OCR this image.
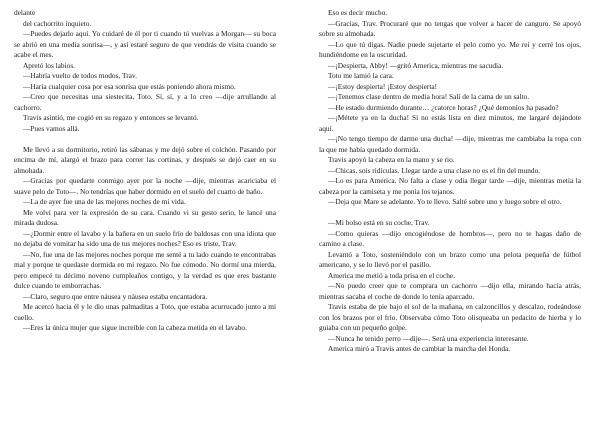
delante

del cachorrito inquieto.

—Puedes dejarlo aquí. Yo cuidaré de él por ti cuando tú vuelvas a Morgan— su boca se abrió en una media sonrisa—, y así estaré seguro de que vendrás de visita cuando se acabe el mes.

Apretó los labios.

—Habría vuelto de todos modos, Trav.

—Haría cualquier cosa por esa sonrisa que estás poniendo ahora mismo.

—Creo que necesitas una siestecita, Toto. Sí, sí, y a lo creo —dije arrullando al cachorro.

Travis asintió, me cogió en su regazo y entonces se levantó.

—Pues vamos allá.

Me llevó a su dormitorio, retiró las sábanas y me dejó sobre el colchón. Pasando por encima de mí, alargó el brazo para correr las cortinas, y después se dejó caer en su almohada.

—Gracias por quedarte conmigo ayer por la noche —dije, mientras acariciaba el suave pelo de Toto—. No tendrías que haber dormido en el suelo del cuarto de baño.

—La de ayer fue una de las mejores noches de mi vida.

Me volví para ver la expresión de su cara. Cuando vi su gesto serio, le lancé una mirada dudosa.

—¿Dormir entre el lavabo y la bañera en un suelo frío de baldosas con una idiota que no dejaba de vomitar ha sido una de tus mejores noches? Eso es triste, Trav.

—No, fue una de las mejores noches porque me senté a tu lado cuando te encontrabas mal y porque te quedaste dormida en mi regazo. No fue cómodo. No dormí una mierda, pero empecé tu décimo noveno cumpleaños contigo, y la verdad es que eres bastante dulce cuando te emborrachas.

—Claro, seguro que entre náusea y náusea estaba encantadora.

Me acercó hacia él y le dio unas palmaditas a Toto, que estaba acurrucado junto a mi cuello.

—Eres la única mujer que sigue increíble con la cabeza metida en el lavabo.

Eso es decir mucho.

—Gracias, Trav. Procuraré que no tengas que volver a hacer de canguro. Se apoyó sobre su almohada.

—Lo que tú digas. Nadie puede sujetarte el pelo como yo. Me reí y cerré los ojos, hundiéndome en la oscuridad.

—¡Despierta, Abby! —gritó America, mientras me sacudía.

Toto me lamió la cara.

—¡Estoy despierta! ¡Estoy despierta!

—¡Tenemos clase dentro de media hora! Salí de la cama de un salto.

—He estado durmiendo durante… ¿catorce horas? ¿Qué demonios ha pasado?

—¡Métete ya en la ducha! Si no estás lista en diez minutos, me largaré dejándote aquí.

—¡No tengo tiempo de darme una ducha! —dije, mientras me cambiaba la ropa con la que me había quedado dormida.

Travis apoyó la cabeza en la mano y se rio.

—Chicas, sois ridículas. Llegar tarde a una clase no es el fin del mundo.

—Lo es para America. No falta a clase y odia llegar tarde —dije, mientras metía la cabeza por la camiseta y me ponía los tejanos.

—Deja que Mare se adelante. Yo te llevo. Salté sobre uno y luego sobre el otro.

—Mi bolso está en su coche, Trav.

—Como quieras —dijo encogiéndose de hombros—, pero no te hagas daño de camino a clase.

Levantó a Toto, sosteniéndolo con un brazo como una pelota pequeña de fútbol americano, y se lo llevó por el pasillo.

America me metió a toda prisa en el coche.

—No puedo creer que te comprara un cachorro —dijo ella, mirando hacia atrás, mientras sacaba el coche de donde lo tenía aparcado.

Travis estaba de pie bajo el sol de la mañana, en calzoncillos y descalzo, rodeándose con los brazos por el frío. Observaba cómo Toto olisqueaba un pedacito de hierba y lo guiaba con un pequeño golpe.

—Nunca he tenido perro —dije—. Será una experiencia interesante.

America miró a Travis antes de cambiar la marcha del Honda.
